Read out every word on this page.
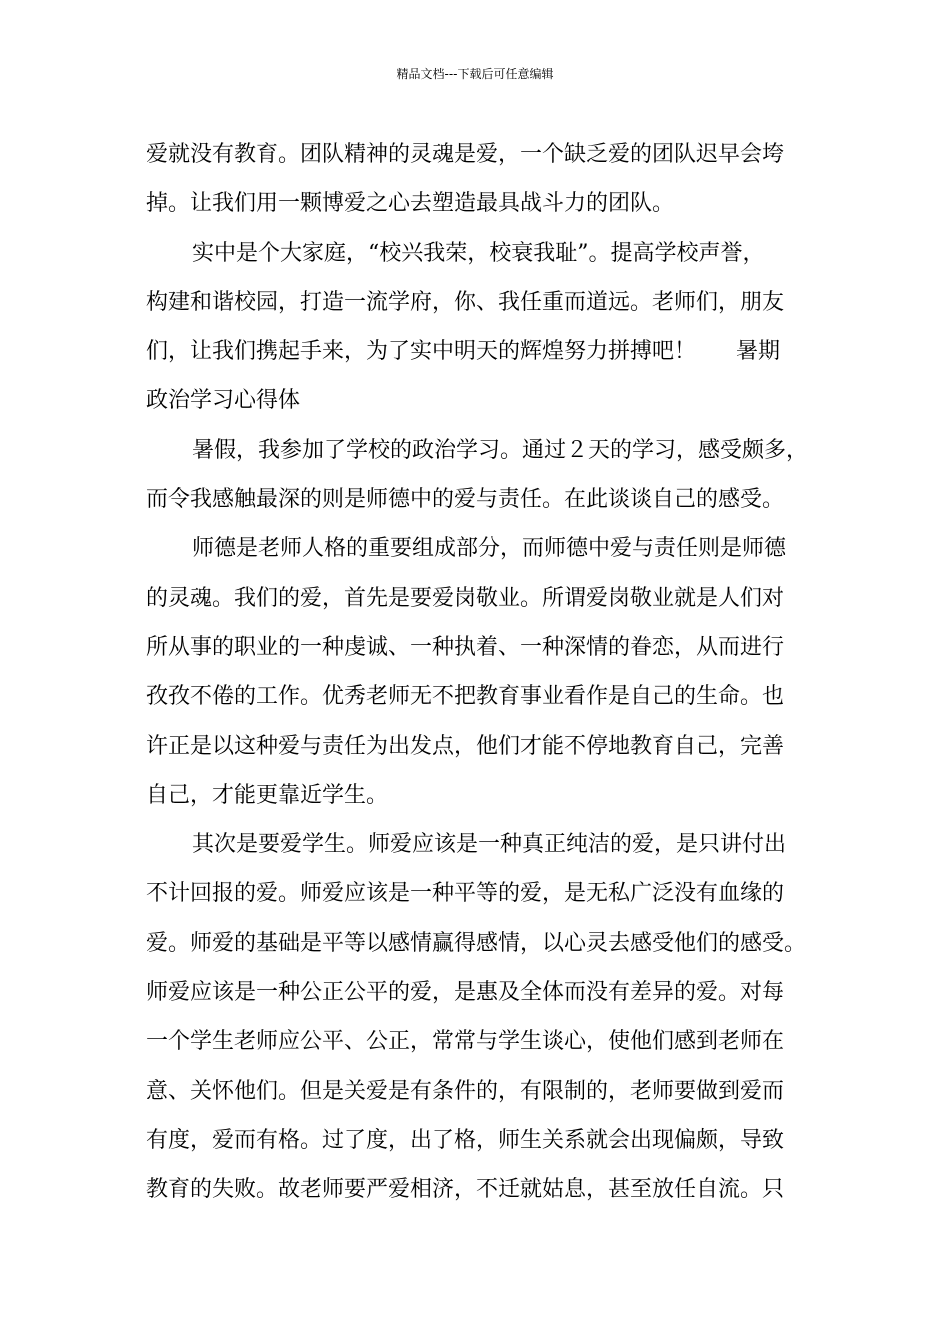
精品文档---下载后可任意编辑
爱就没有教育。团队精神的灵魂是爱，一个缺乏爱的团队迟早会垮
掉。让我们用一颗博爱之心去塑造最具战斗力的团队。
实中是个大家庭，“校兴我荣，校衰我耻”。提高学校声誉，
构建和谐校园，打造一流学府，你、我任重而道远。老师们，朋友
们，让我们携起手来，为了实中明天的辉煌努力拼搏吧！ 暑期
政治学习心得体
暑假，我参加了学校的政治学习。通过２天的学习，感受颇多，
而令我感触最深的则是师德中的爱与责任。在此谈谈自己的感受。
师德是老师人格的重要组成部分，而师德中爱与责任则是师德
的灵魂。我们的爱，首先是要爱岗敬业。所谓爱岗敬业就是人们对
所从事的职业的一种虔诚、一种执着、一种深情的眷恋，从而进行
孜孜不倦的工作。优秀老师无不把教育事业看作是自己的生命。也
许正是以这种爱与责任为出发点，他们才能不停地教育自己，完善
自己，才能更靠近学生。
其次是要爱学生。师爱应该是一种真正纯洁的爱，是只讲付出
不计回报的爱。师爱应该是一种平等的爱，是无私广泛没有血缘的
爱。师爱的基础是平等以感情赢得感情，以心灵去感受他们的感受。
师爱应该是一种公正公平的爱，是惠及全体而没有差异的爱。对每
一个学生老师应公平、公正，常常与学生谈心，使他们感到老师在
意、关怀他们。但是关爱是有条件的，有限制的，老师要做到爱而
有度，爱而有格。过了度，出了格，师生关系就会出现偏颇，导致
教育的失败。故老师要严爱相济，不迁就姑息，甚至放任自流。只
